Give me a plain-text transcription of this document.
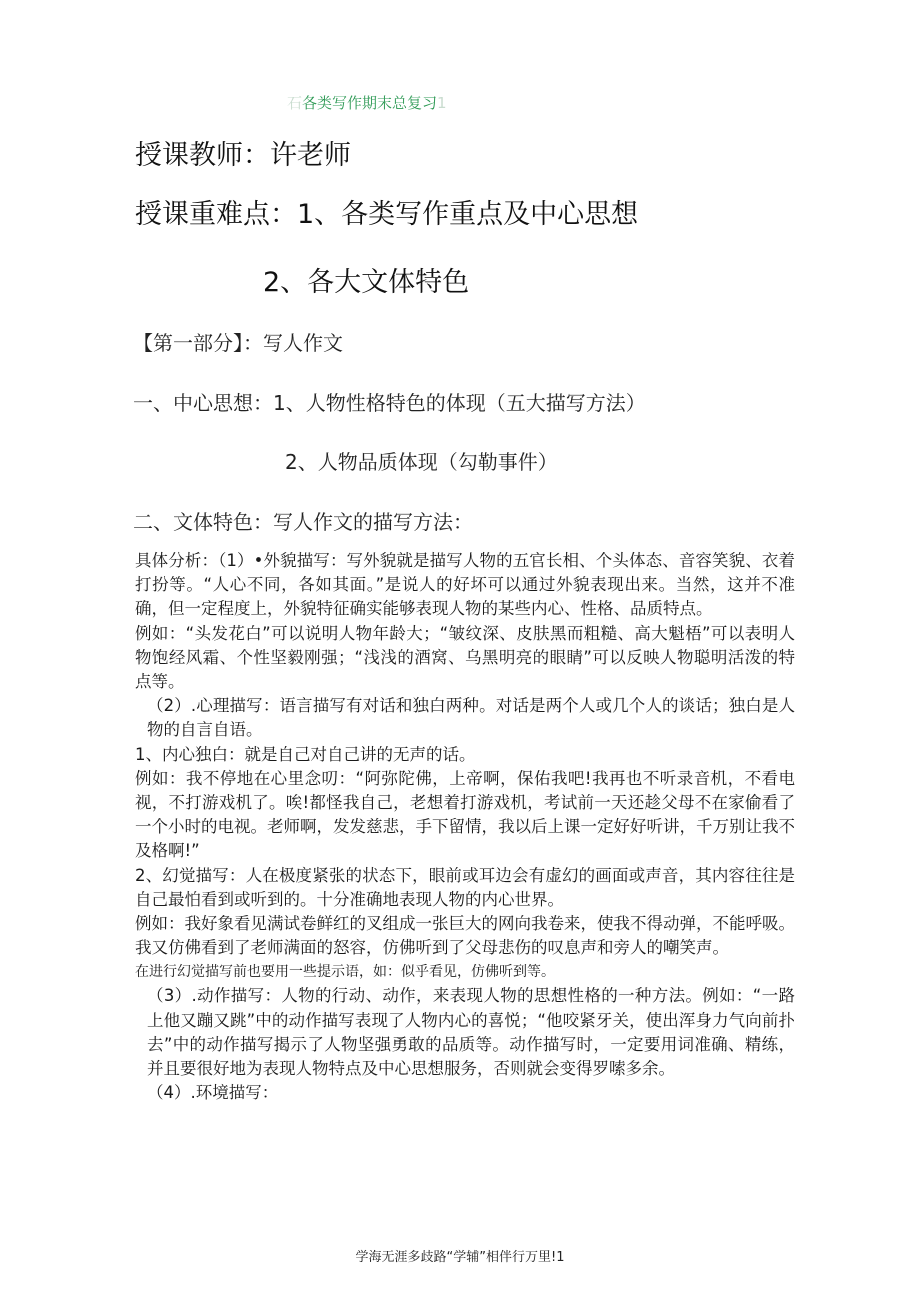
石各类写作期末总复习1
授课教师：许老师
授课重难点：1、各类写作重点及中心思想
2、各大文体特色
【第一部分】：写人作文
一、中心思想：1、人物性格特色的体现（五大描写方法）
2、人物品质体现（勾勒事件）
二、文体特色：写人作文的描写方法：

具体分析：（1）•外貌描写：写外貌就是描写人物的五官长相、个头体态、音容笑貌、衣着打扮等。“人心不同，各如其面。”是说人的好坏可以通过外貌表现出来。当然，这并不准确，但一定程度上，外貌特征确实能够表现人物的某些内心、性格、品质特点。

例如：“头发花白”可以说明人物年龄大；“皱纹深、皮肤黑而粗糙、高大魁梧”可以表明人物饱经风霜、个性坚毅刚强；“浅浅的酒窝、乌黑明亮的眼睛”可以反映人物聪明活泼的特点等。

（2）.心理描写：语言描写有对话和独白两种。对话是两个人或几个人的谈话；独白是人物的自言自语。

1、内心独白：就是自己对自己讲的无声的话。

例如：我不停地在心里念叨：“阿弥陀佛，上帝啊，保佑我吧!我再也不听录音机，不看电视，不打游戏机了。唉!都怪我自己，老想着打游戏机，考试前一天还趁父母不在家偷看了一个小时的电视。老师啊，发发慈悲，手下留情，我以后上课一定好好听讲，千万别让我不及格啊!”

2、幻觉描写：人在极度紧张的状态下，眼前或耳边会有虚幻的画面或声音，其内容往往是自己最怕看到或听到的。十分准确地表现人物的内心世界。

例如：我好象看见满试卷鲜红的叉组成一张巨大的网向我卷来，使我不得动弹，不能呼吸。我又仿佛看到了老师满面的怒容，仿佛听到了父母悲伤的叹息声和旁人的嘲笑声。

在进行幻觉描写前也要用一些提示语，如：似乎看见，仿佛听到等。

（3）.动作描写：人物的行动、动作，来表现人物的思想性格的一种方法。例如：“一路上他又蹦又跳”中的动作描写表现了人物内心的喜悦；“他咬紧牙关，使出浑身力气向前扑去”中的动作描写揭示了人物坚强勇敢的品质等。动作描写时，一定要用词准确、精练，并且要很好地为表现人物特点及中心思想服务，否则就会变得罗嗦多余。

（4）.环境描写：

学海无涯多歧路“学辅”相伴行万里!1
